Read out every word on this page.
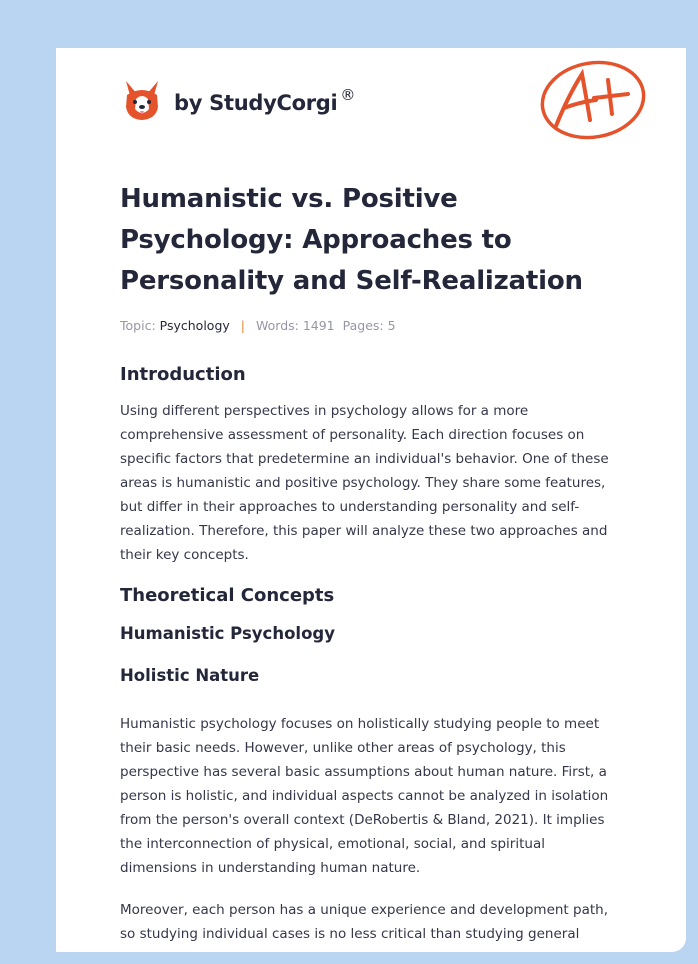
by StudyCorgi ®
Humanistic vs. Positive Psychology: Approaches to Personality and Self-Realization
Topic: Psychology | Words: 1491 Pages: 5
Introduction

Using different perspectives in psychology allows for a more comprehensive assessment of personality. Each direction focuses on specific factors that predetermine an individual's behavior. One of these areas is humanistic and positive psychology. They share some features, but differ in their approaches to understanding personality and self-realization. Therefore, this paper will analyze these two approaches and their key concepts.

Theoretical Concepts
Humanistic Psychology
Holistic Nature

Humanistic psychology focuses on holistically studying people to meet their basic needs. However, unlike other areas of psychology, this perspective has several basic assumptions about human nature. First, a person is holistic, and individual aspects cannot be analyzed in isolation from the person's overall context (DeRobertis & Bland, 2021). It implies the interconnection of physical, emotional, social, and spiritual dimensions in understanding human nature.

Moreover, each person has a unique experience and development path, so studying individual cases is no less critical than studying general
